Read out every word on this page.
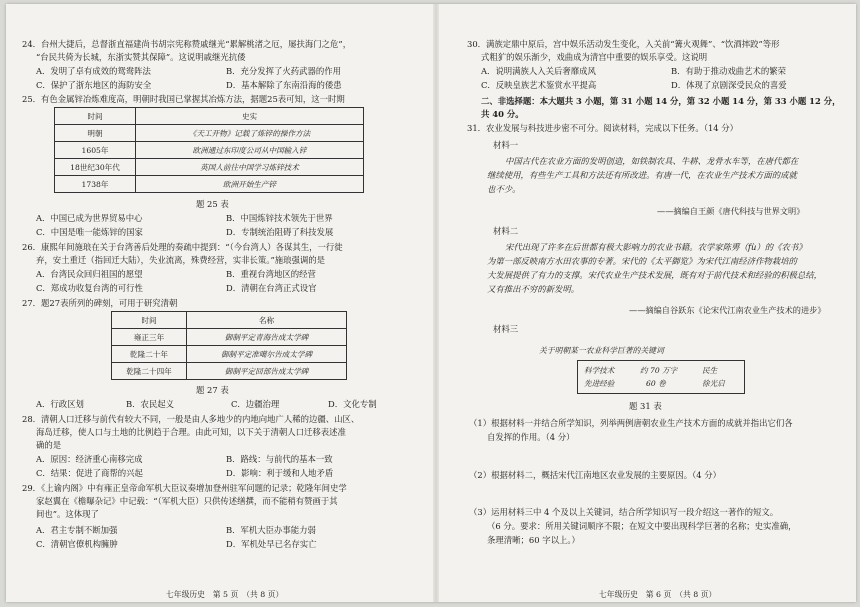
24．台州大捷后，总督浙直福建尚书胡宗宪称赞戚继光“累解桃渚之厄，屡扶海门之危”，
“台民共倚为长城，东浙实赞其保障”。这说明戚继光抗倭
A．发明了卓有成效的鸳鸯阵法	B．充分发挥了火药武器的作用
C．保护了浙东地区的海防安全	D．基本解除了东南沿海的倭患
25．有色金属锌冶炼难度高，明朝时我国已掌握其冶炼方法，据题25表可知，这一时期
时间	史实
明朝	《天工开物》记载了炼锌的操作方法
1605年	欧洲通过东印度公司从中国输入锌
18世纪30年代	英国人前往中国学习炼锌技术
1738年	欧洲开始生产锌
题 25 表
A．中国已成为世界贸易中心	B．中国炼锌技术领先于世界
C．中国是唯一能炼锌的国家	D．专制统治阻碍了科技发展
26．康熙年间施琅在关于台湾善后处理的奏疏中提到：“（今台湾人）各谋其生，一行徙
弃，安土重迁（指回迁大陆），失业流离，殊费经营，实非长策。”施琅强调的是
A．台湾民众回归祖国的愿望	B．重视台湾地区的经营
C．郑成功收复台湾的可行性	D．清朝在台湾正式设官
27．题27表所列的碑刻，可用于研究清朝
时间	名称
雍正三年	御制平定青海告成太学碑
乾隆二十年	御制平定准噶尔告成太学碑
乾隆二十四年	御制平定回部告成太学碑
题 27 表
A．行政区划	B．农民起义	C．边疆治理	D．文化专制
28．清朝人口迁移与前代有较大不同，一般是由人多地少的内地向地广人稀的边疆、山区、
海岛迁移，使人口与土地的比例趋于合理。由此可知，以下关于清朝人口迁移表述准
确的是
A．原因：经济重心南移完成	B．路线：与前代的基本一致
C．结果：促进了商帮的兴起	D．影响：利于缓和人地矛盾
29．《上谕内阁》中有雍正皇帝命军机大臣议奏增加登州驻军问题的记录；乾隆年间史学
家赵翼在《檐曝杂记》中记载：“（军机大臣）只供传述缮撰，而不能稍有赞画于其
间也”。这体现了
A．君主专制不断加强	B．军机大臣办事能力弱
C．清朝官僚机构臃肿	D．军机处早已名存实亡
七年级历史　第 5 页　（共 8 页）
30．满族定鼎中原后，宫中娱乐活动发生变化，入关前“篝火观舞”、“饮酒摔跤”等形
式粗犷的娱乐渐少，戏曲成为清宫中重要的娱乐享受。这说明
A．说明满族人入关后奢靡成风	B．有助于推动戏曲艺术的繁荣
C．反映皇族艺术鉴赏水平提高	D．体现了京剧深受民众的喜爱
二、非选择题：本大题共 3 小题，第 31 小题 14 分，第 32 小题 14 分，第 33 小题 12 分，
共 40 分。
31．农业发展与科技进步密不可分。阅读材料，完成以下任务。（14 分）
材料一
中国古代在农业方面的发明创造，如铁制农具、牛耕、龙骨水车等，在唐代都在
继续使用，有些生产工具和方法还有所改进。有唐一代，在农业生产技术方面的成就
也不少。
——摘编自王颜《唐代科技与世界文明》
材料二
宋代出现了许多在后世都有极大影响力的农业书籍。农学家陈旉（fù）的《农书》
为第一部反映南方水田农事的专著。宋代的《太平御览》为宋代江南经济作物栽培的
大发展提供了有力的支撑。宋代农业生产技术发展，既有对于前代技术和经验的积极总结，
又有推出不穷的新发明。
——摘编自谷跃东《论宋代江南农业生产技术的进步》
材料三
关于明朝某一农业科学巨著的关键词
科学技术	约 70 万字	民生
先进经验	60 卷	徐光启
题 31 表
（1）根据材料一并结合所学知识，列举两例唐朝农业生产技术方面的成就并指出它们各
自发挥的作用。（4 分）
（2）根据材料二，概括宋代江南地区农业发展的主要原因。（4 分）
（3）运用材料三中 4 个及以上关键词，结合所学知识写一段介绍这一著作的短文。
（6 分。要求：所用关键词顺序不限；在短文中要出现科学巨著的名称；史实准确，
条理清晰；60 字以上。）
七年级历史　第 6 页　（共 8 页）
